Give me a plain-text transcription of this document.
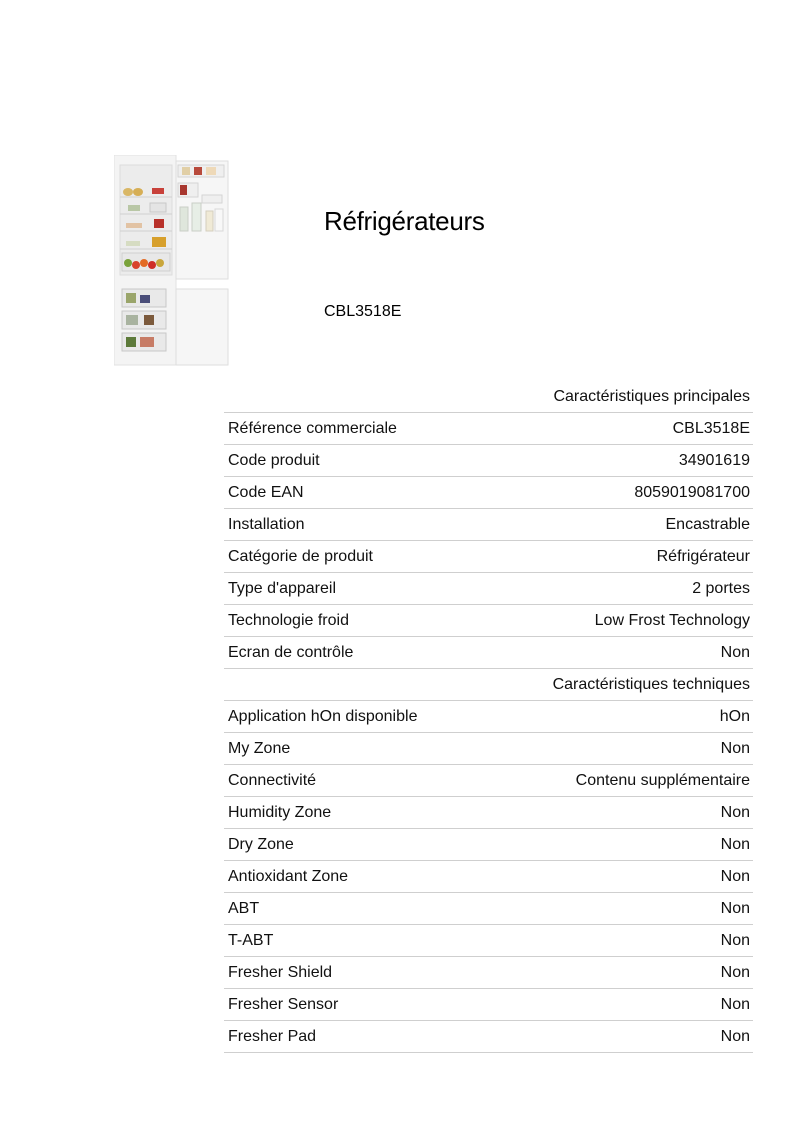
Réfrigérateurs
CBL3518E
Caractéristiques principales	
Référence commerciale	CBL3518E
Code produit	34901619
Code EAN	8059019081700
Installation	Encastrable
Catégorie de produit	Réfrigérateur
Type d'appareil	2 portes
Technologie froid	Low Frost Technology
Ecran de contrôle	Non
Caractéristiques techniques	
Application hOn disponible	hOn
My Zone	Non
Connectivité	Contenu supplémentaire
Humidity Zone	Non
Dry Zone	Non
Antioxidant Zone	Non
ABT	Non
T-ABT	Non
Fresher Shield	Non
Fresher Sensor	Non
Fresher Pad	Non
